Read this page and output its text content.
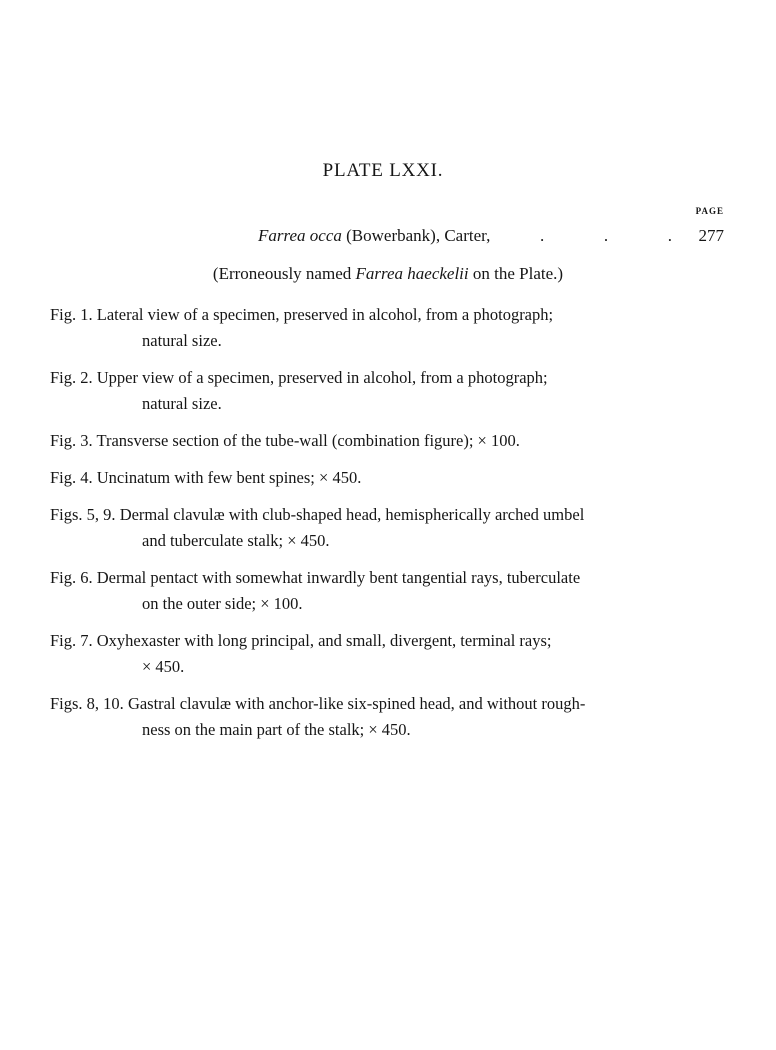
PLATE LXXI.
PAGE
Farrea occa (Bowerbank), Carter,	.	.	. 277
(Erroneously named Farrea haeckelii on the Plate.)
Fig. 1. Lateral view of a specimen, preserved in alcohol, from a photograph;
natural size.
Fig. 2. Upper view of a specimen, preserved in alcohol, from a photograph;
natural size.
Fig. 3. Transverse section of the tube-wall (combination figure); × 100.
Fig. 4. Uncinatum with few bent spines; × 450.
Figs. 5, 9. Dermal clavulæ with club-shaped head, hemispherically arched umbel
and tuberculate stalk; × 450.
Fig. 6. Dermal pentact with somewhat inwardly bent tangential rays, tuberculate
on the outer side; × 100.
Fig. 7. Oxyhexaster with long principal, and small, divergent, terminal rays;
× 450.
Figs. 8, 10. Gastral clavulæ with anchor-like six-spined head, and without rough-
ness on the main part of the stalk; × 450.
